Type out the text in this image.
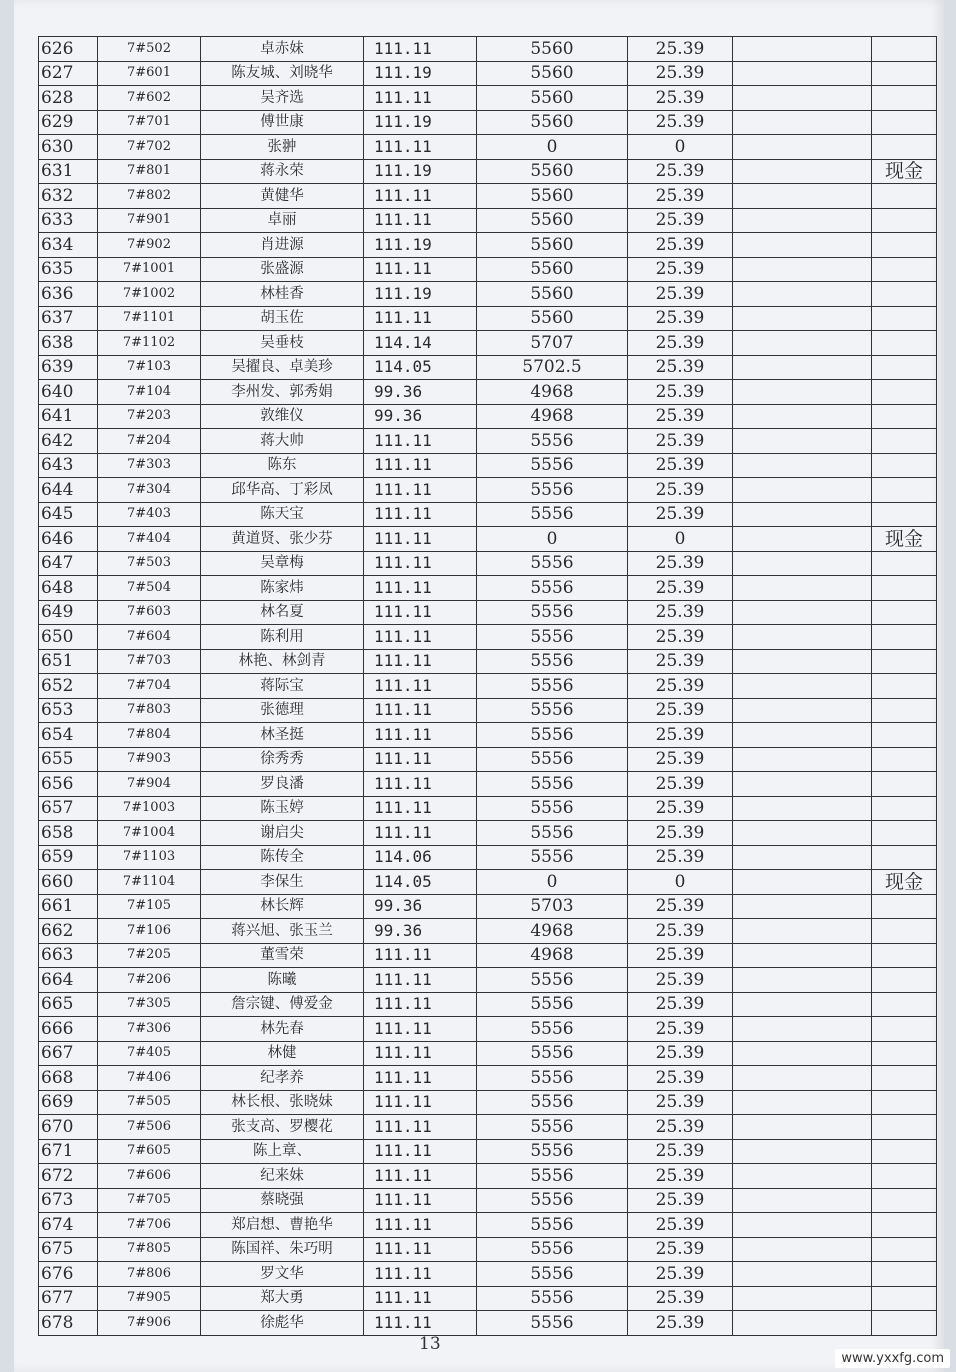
626	7#502	卓赤妹	111.11	5560	25.39		
627	7#601	陈友城、刘晓华	111.19	5560	25.39		
628	7#602	吴齐选	111.11	5560	25.39		
629	7#701	傅世康	111.19	5560	25.39		
630	7#702	张翀	111.11	0	0		
631	7#801	蒋永荣	111.19	5560	25.39		现金
632	7#802	黄健华	111.11	5560	25.39		
633	7#901	卓丽	111.11	5560	25.39		
634	7#902	肖进源	111.19	5560	25.39		
635	7#1001	张盛源	111.11	5560	25.39		
636	7#1002	林桂香	111.19	5560	25.39		
637	7#1101	胡玉佐	111.11	5560	25.39		
638	7#1102	吴垂枝	114.14	5707	25.39		
639	7#103	吴擢良、卓美珍	114.05	5702.5	25.39		
640	7#104	李州发、郭秀娟	99.36	4968	25.39		
641	7#203	敦维仪	99.36	4968	25.39		
642	7#204	蒋大帅	111.11	5556	25.39		
643	7#303	陈东	111.11	5556	25.39		
644	7#304	邱华高、丁彩凤	111.11	5556	25.39		
645	7#403	陈天宝	111.11	5556	25.39		
646	7#404	黄道贤、张少芬	111.11	0	0		现金
647	7#503	吴章梅	111.11	5556	25.39		
648	7#504	陈家炜	111.11	5556	25.39		
649	7#603	林名夏	111.11	5556	25.39		
650	7#604	陈利用	111.11	5556	25.39		
651	7#703	林艳、林剑青	111.11	5556	25.39		
652	7#704	蒋际宝	111.11	5556	25.39		
653	7#803	张德理	111.11	5556	25.39		
654	7#804	林圣挺	111.11	5556	25.39		
655	7#903	徐秀秀	111.11	5556	25.39		
656	7#904	罗良潘	111.11	5556	25.39		
657	7#1003	陈玉婷	111.11	5556	25.39		
658	7#1004	谢启尖	111.11	5556	25.39		
659	7#1103	陈传全	114.06	5556	25.39		
660	7#1104	李保生	114.05	0	0		现金
661	7#105	林长辉	99.36	5703	25.39		
662	7#106	蒋兴旭、张玉兰	99.36	4968	25.39		
663	7#205	董雪荣	111.11	4968	25.39		
664	7#206	陈曦	111.11	5556	25.39		
665	7#305	詹宗键、傅爱金	111.11	5556	25.39		
666	7#306	林先春	111.11	5556	25.39		
667	7#405	林健	111.11	5556	25.39		
668	7#406	纪孝养	111.11	5556	25.39		
669	7#505	林长根、张晓妹	111.11	5556	25.39		
670	7#506	张支高、罗樱花	111.11	5556	25.39		
671	7#605	陈上章、	111.11	5556	25.39		
672	7#606	纪来妹	111.11	5556	25.39		
673	7#705	蔡晓强	111.11	5556	25.39		
674	7#706	郑启想、曹艳华	111.11	5556	25.39		
675	7#805	陈国祥、朱巧明	111.11	5556	25.39		
676	7#806	罗文华	111.11	5556	25.39		
677	7#905	郑大勇	111.11	5556	25.39		
678	7#906	徐彪华	111.11	5556	25.39		
13
www.yxxfg.com
